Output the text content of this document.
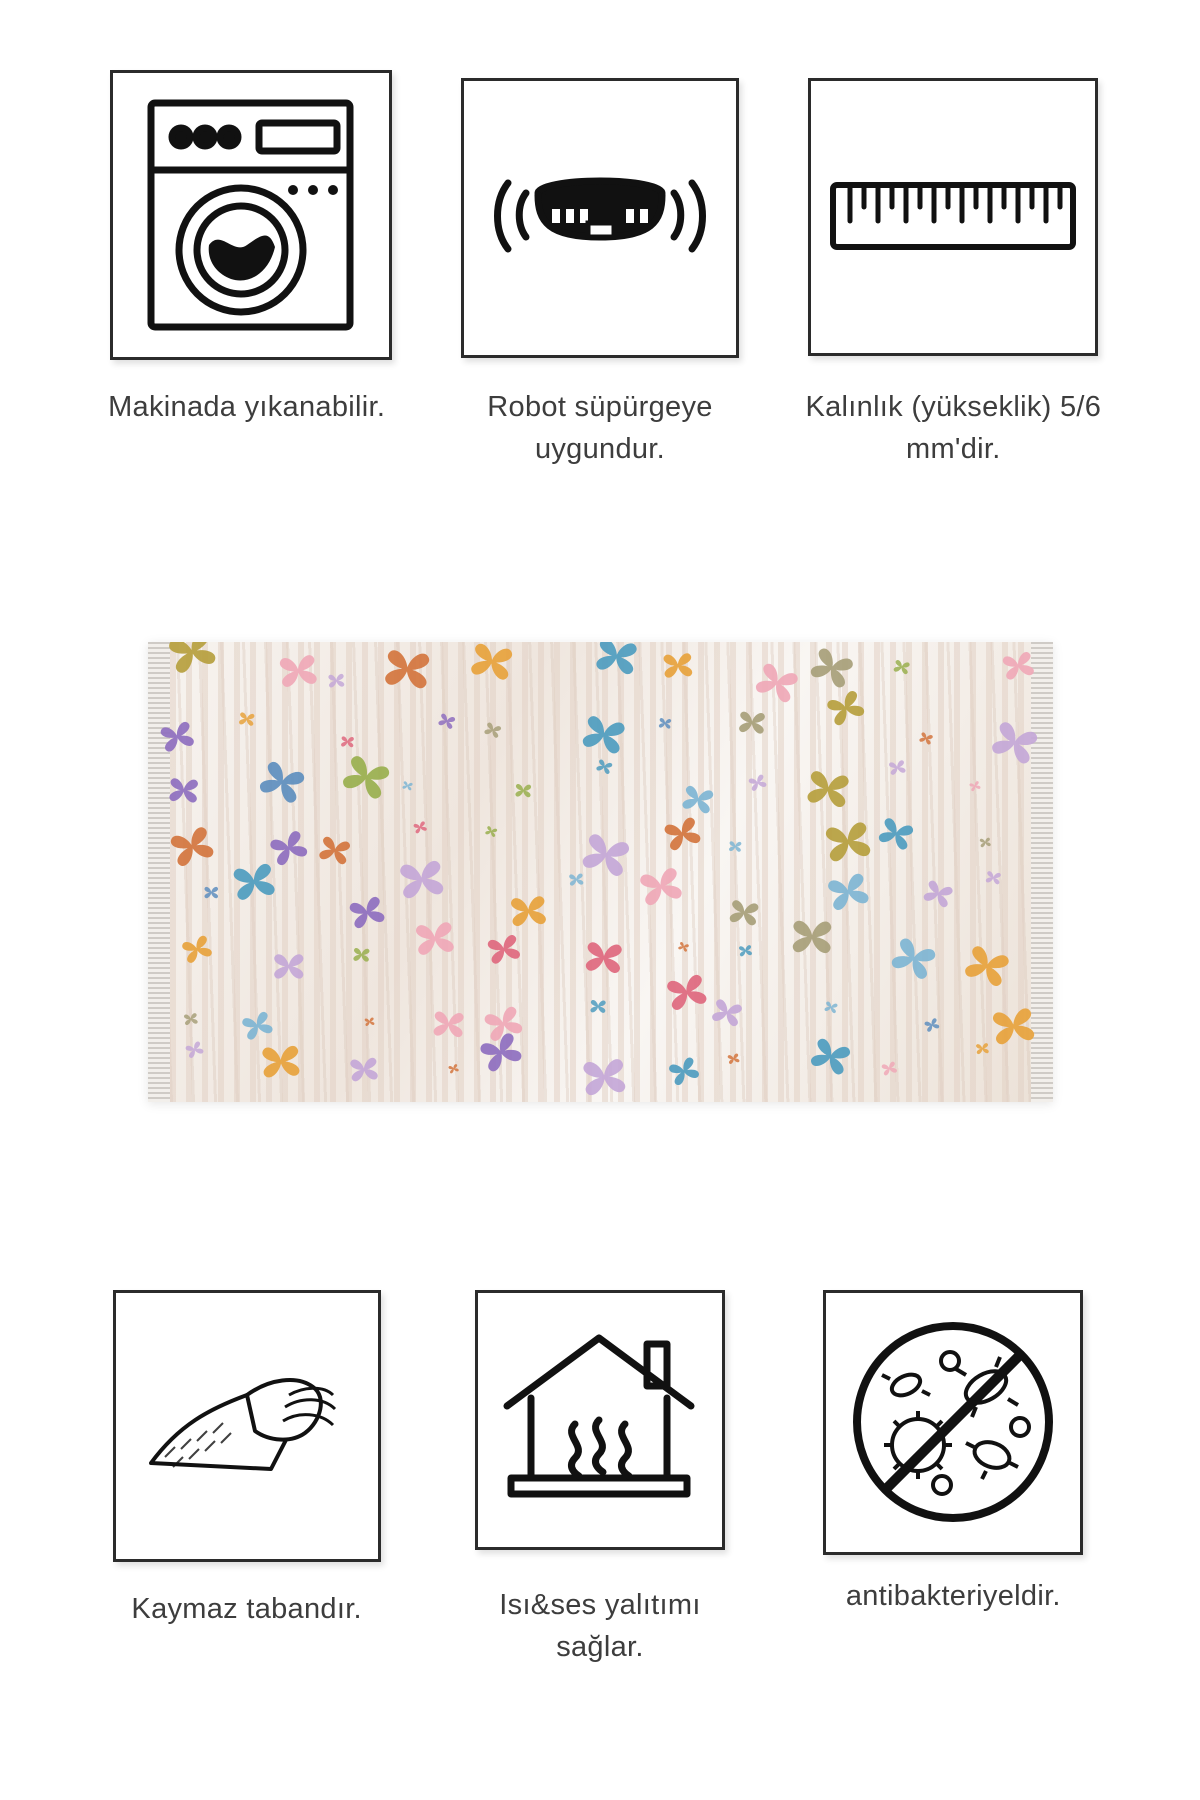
Makinada yıkanabilir.	Robot süpürgeye uygundur.
Kalınlık (yükseklik) 5/6 mm'dir.
Kaymaz tabandır.	Isı&ses yalıtımı sağlar.
antibakteriyeldir.
